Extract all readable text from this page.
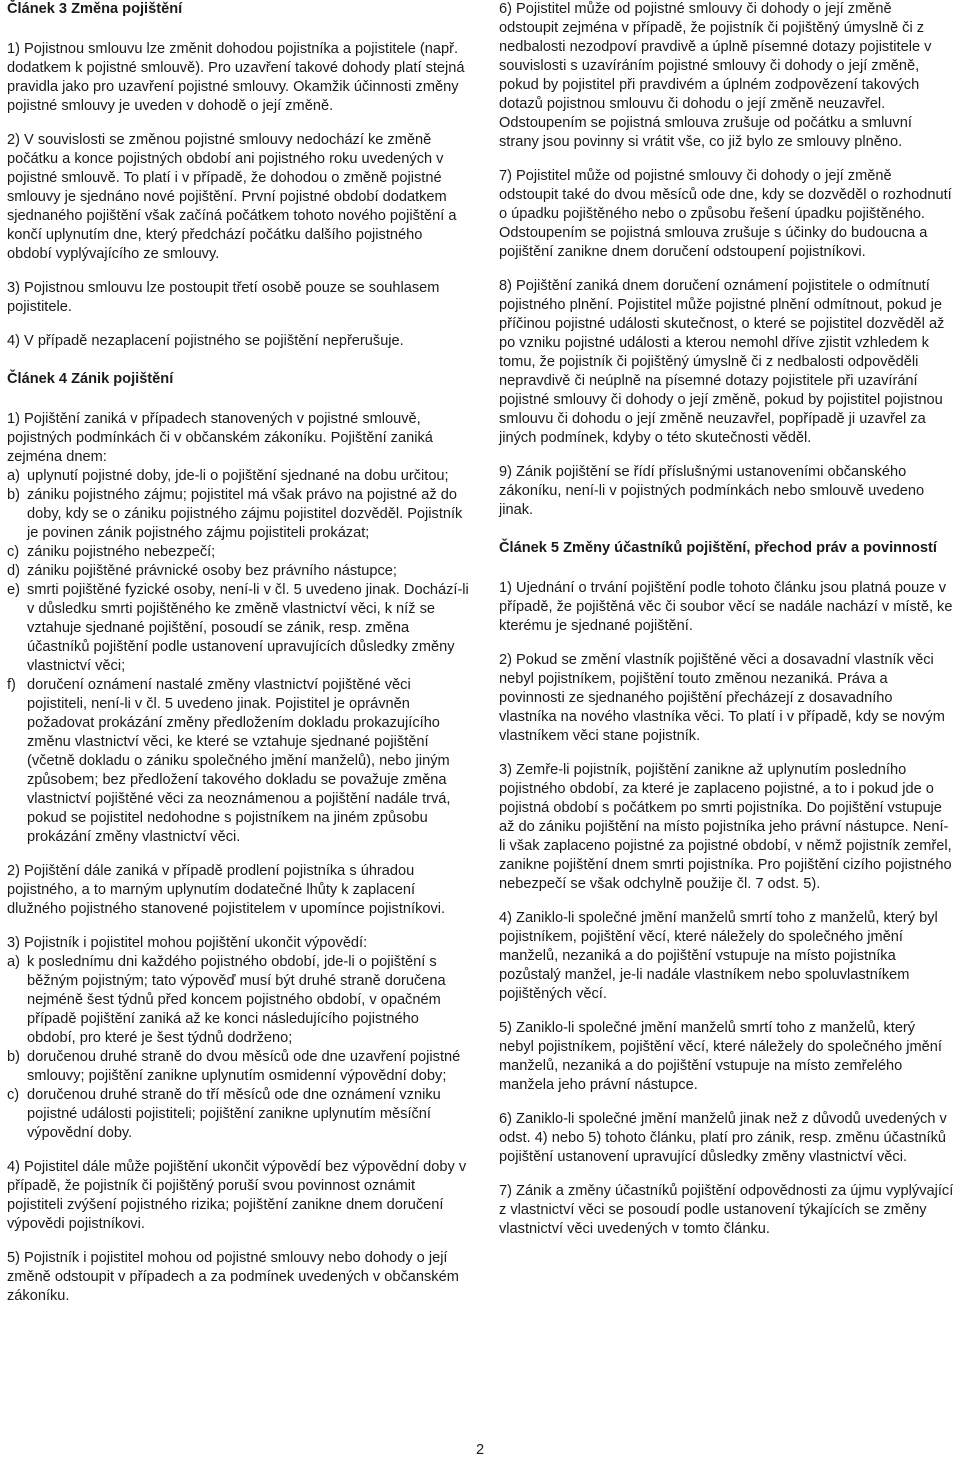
Článek 3 Změna pojištění

1) Pojistnou smlouvu lze změnit dohodou pojistníka a pojistitele (např. dodatkem k pojistné smlouvě). Pro uzavření takové dohody platí stejná pravidla jako pro uzavření pojistné smlouvy. Okamžik účinnosti změny pojistné smlouvy je uveden v dohodě o její změně.

2) V souvislosti se změnou pojistné smlouvy nedochází ke změně počátku a konce pojistných období ani pojistného roku uvedených v pojistné smlouvě. To platí i v případě, že dohodou o změně pojistné smlouvy je sjednáno nové pojištění. První pojistné období dodatkem sjednaného pojištění však začíná počátkem tohoto nového pojištění a končí uplynutím dne, který předchází počátku dalšího pojistného období vyplývajícího ze smlouvy.

3) Pojistnou smlouvu lze postoupit třetí osobě pouze se souhlasem pojistitele.

4) V případě nezaplacení pojistného se pojištění nepřerušuje.

Článek 4 Zánik pojištění

1) Pojištění zaniká v případech stanovených v pojistné smlouvě, pojistných podmínkách či v občanském zákoníku. Pojištění zaniká zejména dnem:

a) uplynutí pojistné doby, jde-li o pojištění sjednané na dobu určitou;
b) zániku pojistného zájmu; pojistitel má však právo na pojistné až do doby, kdy se o zániku pojistného zájmu pojistitel dozvěděl. Pojistník je povinen zánik pojistného zájmu pojistiteli prokázat;
c) zániku pojistného nebezpečí;
d) zániku pojištěné právnické osoby bez právního nástupce;
e) smrti pojištěné fyzické osoby, není-li v čl. 5 uvedeno jinak. Dochází-li v důsledku smrti pojištěného ke změně vlastnictví věci, k níž se vztahuje sjednané pojištění, posoudí se zánik, resp. změna účastníků pojištění podle ustanovení upravujících důsledky změny vlastnictví věci;
f) doručení oznámení nastalé změny vlastnictví pojištěné věci pojistiteli, není-li v čl. 5 uvedeno jinak. Pojistitel je oprávněn požadovat prokázání změny předložením dokladu prokazujícího změnu vlastnictví věci, ke které se vztahuje sjednané pojištění (včetně dokladu o zániku společného jmění manželů), nebo jiným způsobem; bez předložení takového dokladu se považuje změna vlastnictví pojištěné věci za neoznámenou a pojištění nadále trvá, pokud se pojistitel nedohodne s pojistníkem na jiném způsobu prokázání změny vlastnictví věci.

2) Pojištění dále zaniká v případě prodlení pojistníka s úhradou pojistného, a to marným uplynutím dodatečné lhůty k zaplacení dlužného pojistného stanovené pojistitelem v upomínce pojistníkovi.

3) Pojistník i pojistitel mohou pojištění ukončit výpovědí:

a) k poslednímu dni každého pojistného období, jde-li o pojištění s běžným pojistným; tato výpověď musí být druhé straně doručena nejméně šest týdnů před koncem pojistného období, v opačném případě pojištění zaniká až ke konci následujícího pojistného období, pro které je šest týdnů dodrženo;
b) doručenou druhé straně do dvou měsíců ode dne uzavření pojistné smlouvy; pojištění zanikne uplynutím osmidenní výpovědní doby;
c) doručenou druhé straně do tří měsíců ode dne oznámení vzniku pojistné události pojistiteli; pojištění zanikne uplynutím měsíční výpovědní doby.

4) Pojistitel dále může pojištění ukončit výpovědí bez výpovědní doby v případě, že pojistník či pojištěný poruší svou povinnost oznámit pojistiteli zvýšení pojistného rizika; pojištění zanikne dnem doručení výpovědi pojistníkovi.

5) Pojistník i pojistitel mohou od pojistné smlouvy nebo dohody o její změně odstoupit v případech a za podmínek uvedených v občanském zákoníku.

6) Pojistitel může od pojistné smlouvy či dohody o její změně odstoupit zejména v případě, že pojistník či pojištěný úmyslně či z nedbalosti nezodpoví pravdivě a úplně písemné dotazy pojistitele v souvislosti s uzavíráním pojistné smlouvy či dohody o její změně, pokud by pojistitel při pravdivém a úplném zodpovězení takových dotazů pojistnou smlouvu či dohodu o její změně neuzavřel. Odstoupením se pojistná smlouva zrušuje od počátku a smluvní strany jsou povinny si vrátit vše, co již bylo ze smlouvy plněno.

7) Pojistitel může od pojistné smlouvy či dohody o její změně odstoupit také do dvou měsíců ode dne, kdy se dozvěděl o rozhodnutí o úpadku pojištěného nebo o způsobu řešení úpadku pojištěného. Odstoupením se pojistná smlouva zrušuje s účinky do budoucna a pojištění zanikne dnem doručení odstoupení pojistníkovi.

8) Pojištění zaniká dnem doručení oznámení pojistitele o odmítnutí pojistného plnění. Pojistitel může pojistné plnění odmítnout, pokud je příčinou pojistné události skutečnost, o které se pojistitel dozvěděl až po vzniku pojistné události a kterou nemohl dříve zjistit vzhledem k tomu, že pojistník či pojištěný úmyslně či z nedbalosti odpověděli nepravdivě či neúplně na písemné dotazy pojistitele při uzavírání pojistné smlouvy či dohody o její změně, pokud by pojistitel pojistnou smlouvu či dohodu o její změně neuzavřel, popřípadě ji uzavřel za jiných podmínek, kdyby o této skutečnosti věděl.

9) Zánik pojištění se řídí příslušnými ustanoveními občanského zákoníku, není-li v pojistných podmínkách nebo smlouvě uvedeno jinak.

Článek 5 Změny účastníků pojištění, přechod práv a povinností

1) Ujednání o trvání pojištění podle tohoto článku jsou platná pouze v případě, že pojištěná věc či soubor věcí se nadále nachází v místě, ke kterému je sjednané pojištění.

2) Pokud se změní vlastník pojištěné věci a dosavadní vlastník věci nebyl pojistníkem, pojištění touto změnou nezaniká. Práva a povinnosti ze sjednaného pojištění přecházejí z dosavadního vlastníka na nového vlastníka věci. To platí i v případě, kdy se novým vlastníkem věci stane pojistník.

3) Zemře-li pojistník, pojištění zanikne až uplynutím posledního pojistného období, za které je zaplaceno pojistné, a to i pokud jde o pojistná období s počátkem po smrti pojistníka. Do pojištění vstupuje až do zániku pojištění na místo pojistníka jeho právní nástupce. Není-li však zaplaceno pojistné za pojistné období, v němž pojistník zemřel, zanikne pojištění dnem smrti pojistníka. Pro pojištění cizího pojistného nebezpečí se však odchylně použije čl. 7 odst. 5).

4) Zaniklo-li společné jmění manželů smrtí toho z manželů, který byl pojistníkem, pojištění věcí, které náležely do společného jmění manželů, nezaniká a do pojištění vstupuje na místo pojistníka pozůstalý manžel, je-li nadále vlastníkem nebo spoluvlastníkem pojištěných věcí.

5) Zaniklo-li společné jmění manželů smrtí toho z manželů, který nebyl pojistníkem, pojištění věcí, které náležely do společného jmění manželů, nezaniká a do pojištění vstupuje na místo zemřelého manžela jeho právní nástupce.

6) Zaniklo-li společné jmění manželů jinak než z důvodů uvedených v odst. 4) nebo 5) tohoto článku, platí pro zánik, resp. změnu účastníků pojištění ustanovení upravující důsledky změny vlastnictví věci.

7) Zánik a změny účastníků pojištění odpovědnosti za újmu vyplývající z vlastnictví věci se posoudí podle ustanovení týkajících se změny vlastnictví věci uvedených v tomto článku.

2
